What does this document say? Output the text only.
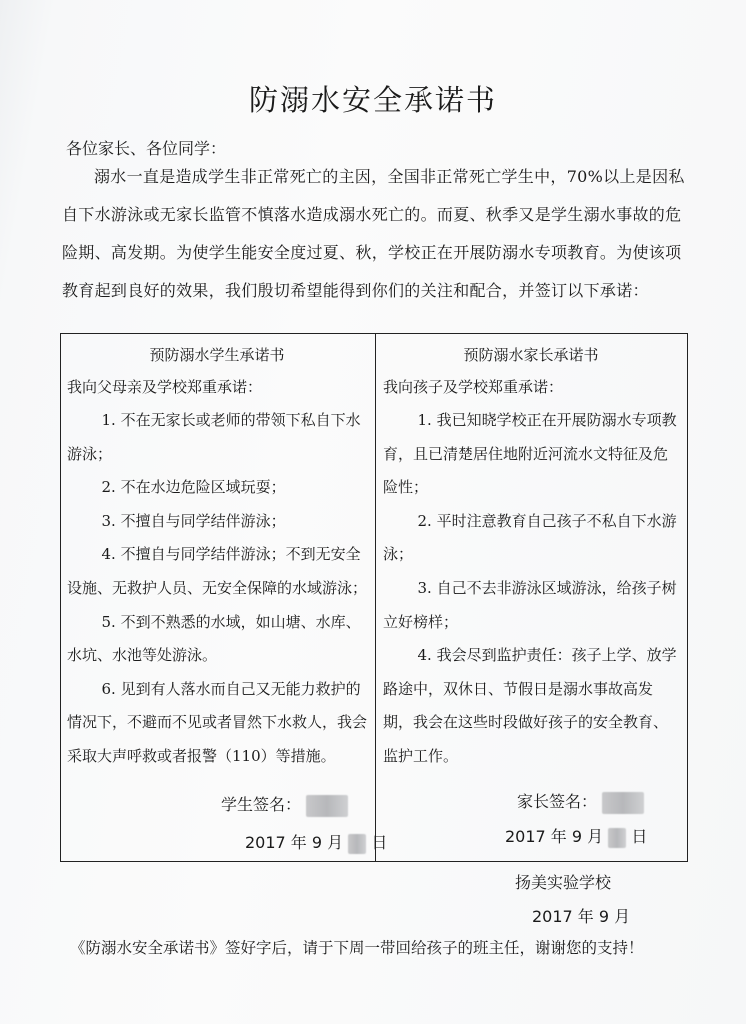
防溺水安全承诺书
各位家长、各位同学：

溺水一直是造成学生非正常死亡的主因，全国非正常死亡学生中，70%以上是因私自下水游泳或无家长监管不慎落水造成溺水死亡的。而夏、秋季又是学生溺水事故的危险期、高发期。为使学生能安全度过夏、秋，学校正在开展防溺水专项教育。为使该项教育起到良好的效果，我们殷切希望能得到你们的关注和配合，并签订以下承诺：

预防溺水学生承诺书
我向父母亲及学校郑重承诺：
1. 不在无家长或老师的带领下私自下水游泳；
2. 不在水边危险区域玩耍；
3. 不擅自与同学结伴游泳；
4. 不擅自与同学结伴游泳；不到无安全设施、无救护人员、无安全保障的水域游泳；
5. 不到不熟悉的水域，如山塘、水库、水坑、水池等处游泳。
6. 见到有人落水而自己又无能力救护的情况下，不避而不见或者冒然下水救人，我会采取大声呼救或者报警（110）等措施。
预防溺水家长承诺书
我向孩子及学校郑重承诺：
1. 我已知晓学校正在开展防溺水专项教育，且已清楚居住地附近河流水文特征及危险性；
2. 平时注意教育自己孩子不私自下水游泳；
3. 自己不去非游泳区域游泳，给孩子树立好榜样；
4. 我会尽到监护责任：孩子上学、放学路途中，双休日、节假日是溺水事故高发期，我会在这些时段做好孩子的安全教育、监护工作。
学生签名：
2017 年 9 月 日
家长签名：
2017 年 9 月 日
扬美实验学校
2017 年 9 月
《防溺水安全承诺书》签好字后，请于下周一带回给孩子的班主任，谢谢您的支持！
